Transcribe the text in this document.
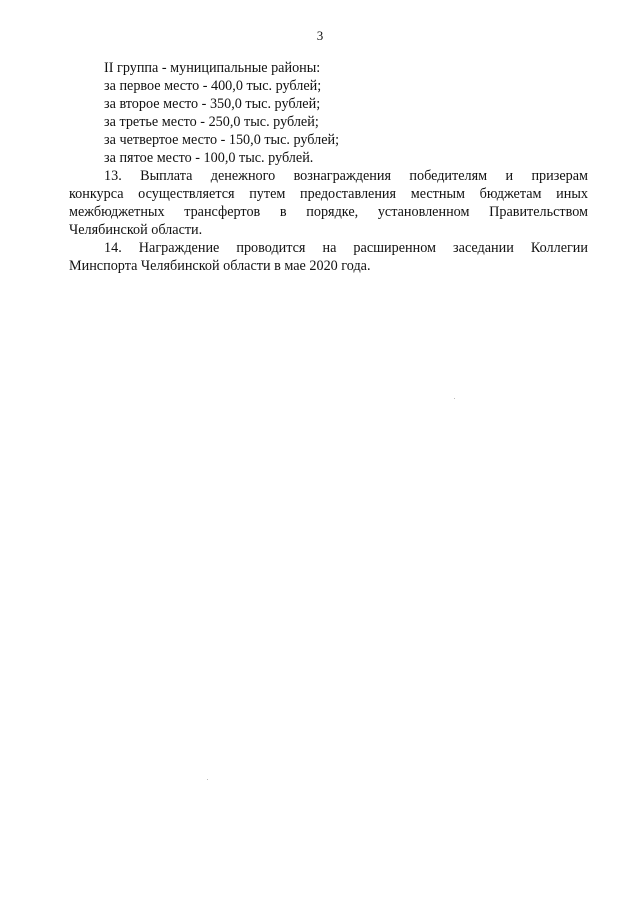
3
II группа - муниципальные районы:
за первое место - 400,0 тыс. рублей;
за второе место - 350,0 тыс. рублей;
за третье место - 250,0 тыс. рублей;
за четвертое место - 150,0 тыс. рублей;
за пятое место - 100,0 тыс. рублей.
13. Выплата денежного вознаграждения победителям и призерам
конкурса осуществляется путем предоставления местным бюджетам иных
межбюджетных трансфертов в порядке, установленном Правительством
Челябинской области.
14. Награждение проводится на расширенном заседании Коллегии
Минспорта Челябинской области в мае 2020 года.
